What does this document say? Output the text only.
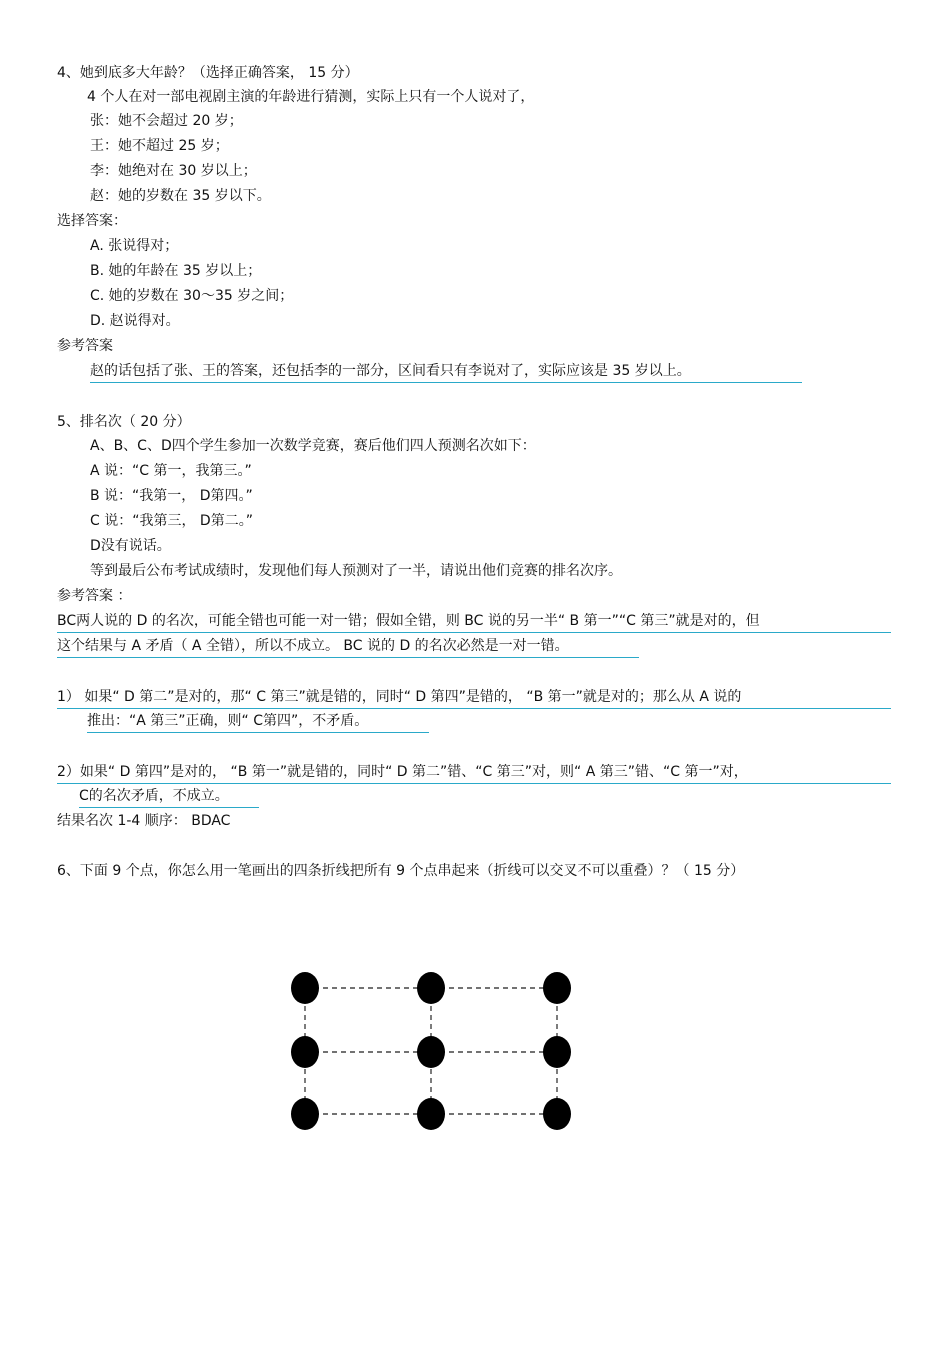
4、她到底多大年龄？（选择正确答案， 15 分）
4 个人在对一部电视剧主演的年龄进行猜测，实际上只有一个人说对了，
张：她不会超过 20 岁；
王：她不超过 25 岁；
李：她绝对在 30 岁以上；
赵：她的岁数在 35 岁以下。
选择答案：
A. 张说得对；
B. 她的年龄在 35 岁以上；
C. 她的岁数在 30～35 岁之间；
D. 赵说得对。
参考答案
赵的话包括了张、王的答案，还包括李的一部分，区间看只有李说对了，实际应该是 35 岁以上。
5、排名次（ 20 分）
A、B、C、D四个学生参加一次数学竞赛，赛后他们四人预测名次如下：
A 说：“C 第一，我第三。”
B 说：“我第一， D第四。”
C 说：“我第三， D第二。”
D没有说话。
等到最后公布考试成绩时，发现他们每人预测对了一半，请说出他们竞赛的排名次序。
参考答案 ：
BC两人说的 D 的名次，可能全错也可能一对一错；假如全错，则 BC 说的另一半“ B 第一”“C 第三”就是对的，但
这个结果与 A 矛盾（ A 全错），所以不成立。 BC 说的 D 的名次必然是一对一错。
1） 如果“ D 第二”是对的，那“ C 第三”就是错的，同时“ D 第四”是错的， “B 第一”就是对的；那么从 A 说的
推出：“A 第三”正确，则“ C第四”，不矛盾。
2）如果“ D 第四”是对的， “B 第一”就是错的，同时“ D 第二”错、“C 第三”对，则“ A 第三”错、“C 第一”对，
C的名次矛盾，不成立。
结果名次 1-4 顺序： BDAC
6、下面 9 个点，你怎么用一笔画出的四条折线把所有 9 个点串起来（折线可以交叉不可以重叠）？（ 15 分）
